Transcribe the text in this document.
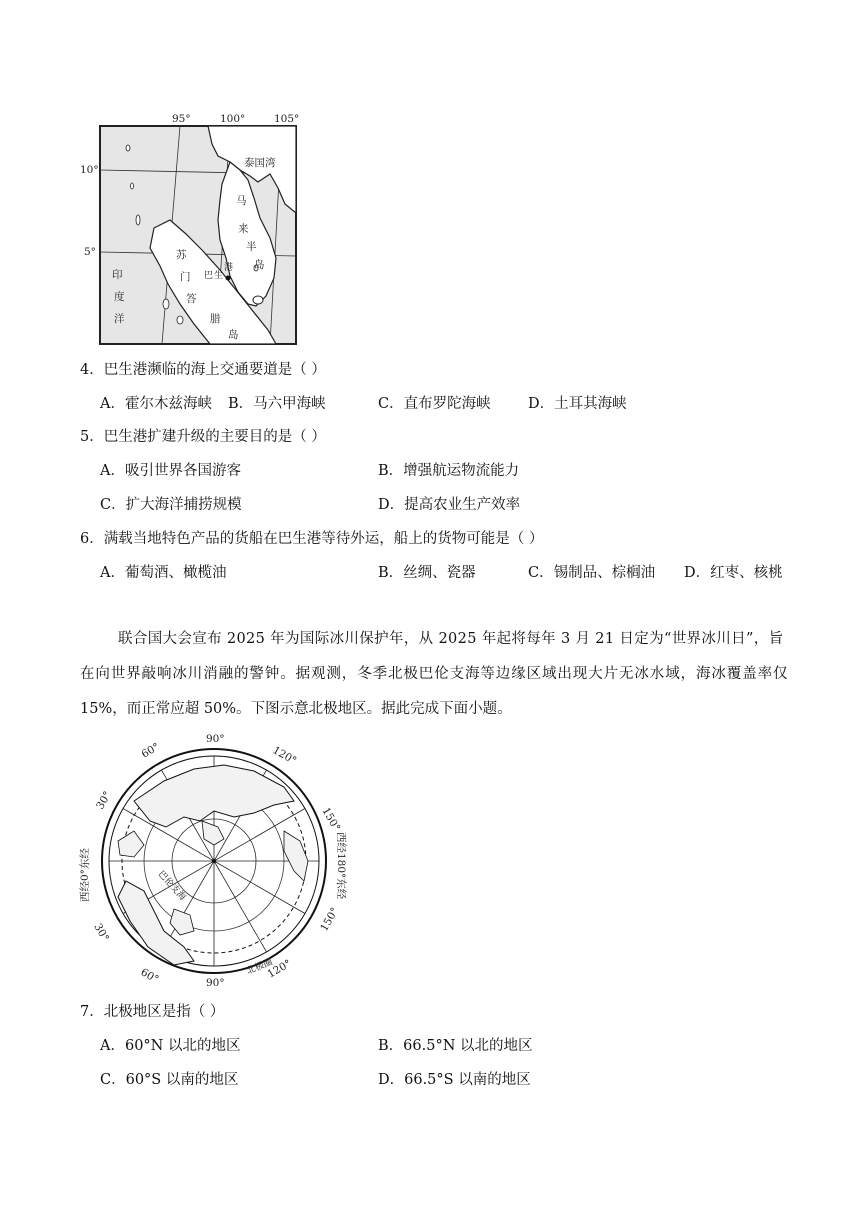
95°	100°	105°
10°
5°
泰国湾
马
来
半
岛
苏
门
答
腊
岛
巴 生
港
印
度
洋
4．巴生港濒临的海上交通要道是（ ）
A．霍尔木兹海峡 B．马六甲海峡	C．直布罗陀海峡	D．土耳其海峡
5．巴生港扩建升级的主要目的是（ ）
A．吸引世界各国游客	B．增强航运物流能力
C．扩大海洋捕捞规模	D．提高农业生产效率
6．满载当地特色产品的货船在巴生港等待外运，船上的货物可能是（ ）
A．葡萄酒、橄榄油	B．丝绸、瓷器	C．锡制品、棕榈油 D．红枣、核桃
联合国大会宣布 2025 年为国际冰川保护年，从 2025 年起将每年 3 月 21 日定为“世界冰川日”，旨
在向世界敲响冰川消融的警钟。据观测，冬季北极巴伦支海等边缘区域出现大片无冰水域，海冰覆盖率仅
15%，而正常应超 50%。下图示意北极地区。据此完成下面小题。
90°
60°	120°
150°
西经180°东经
150°
120°
90°
60°
30°
西经0°东经
30°
巴伦支海
北极圈
7．北极地区是指（ ）
A．60°N 以北的地区	B．66.5°N 以北的地区
C．60°S 以南的地区	D．66.5°S 以南的地区
